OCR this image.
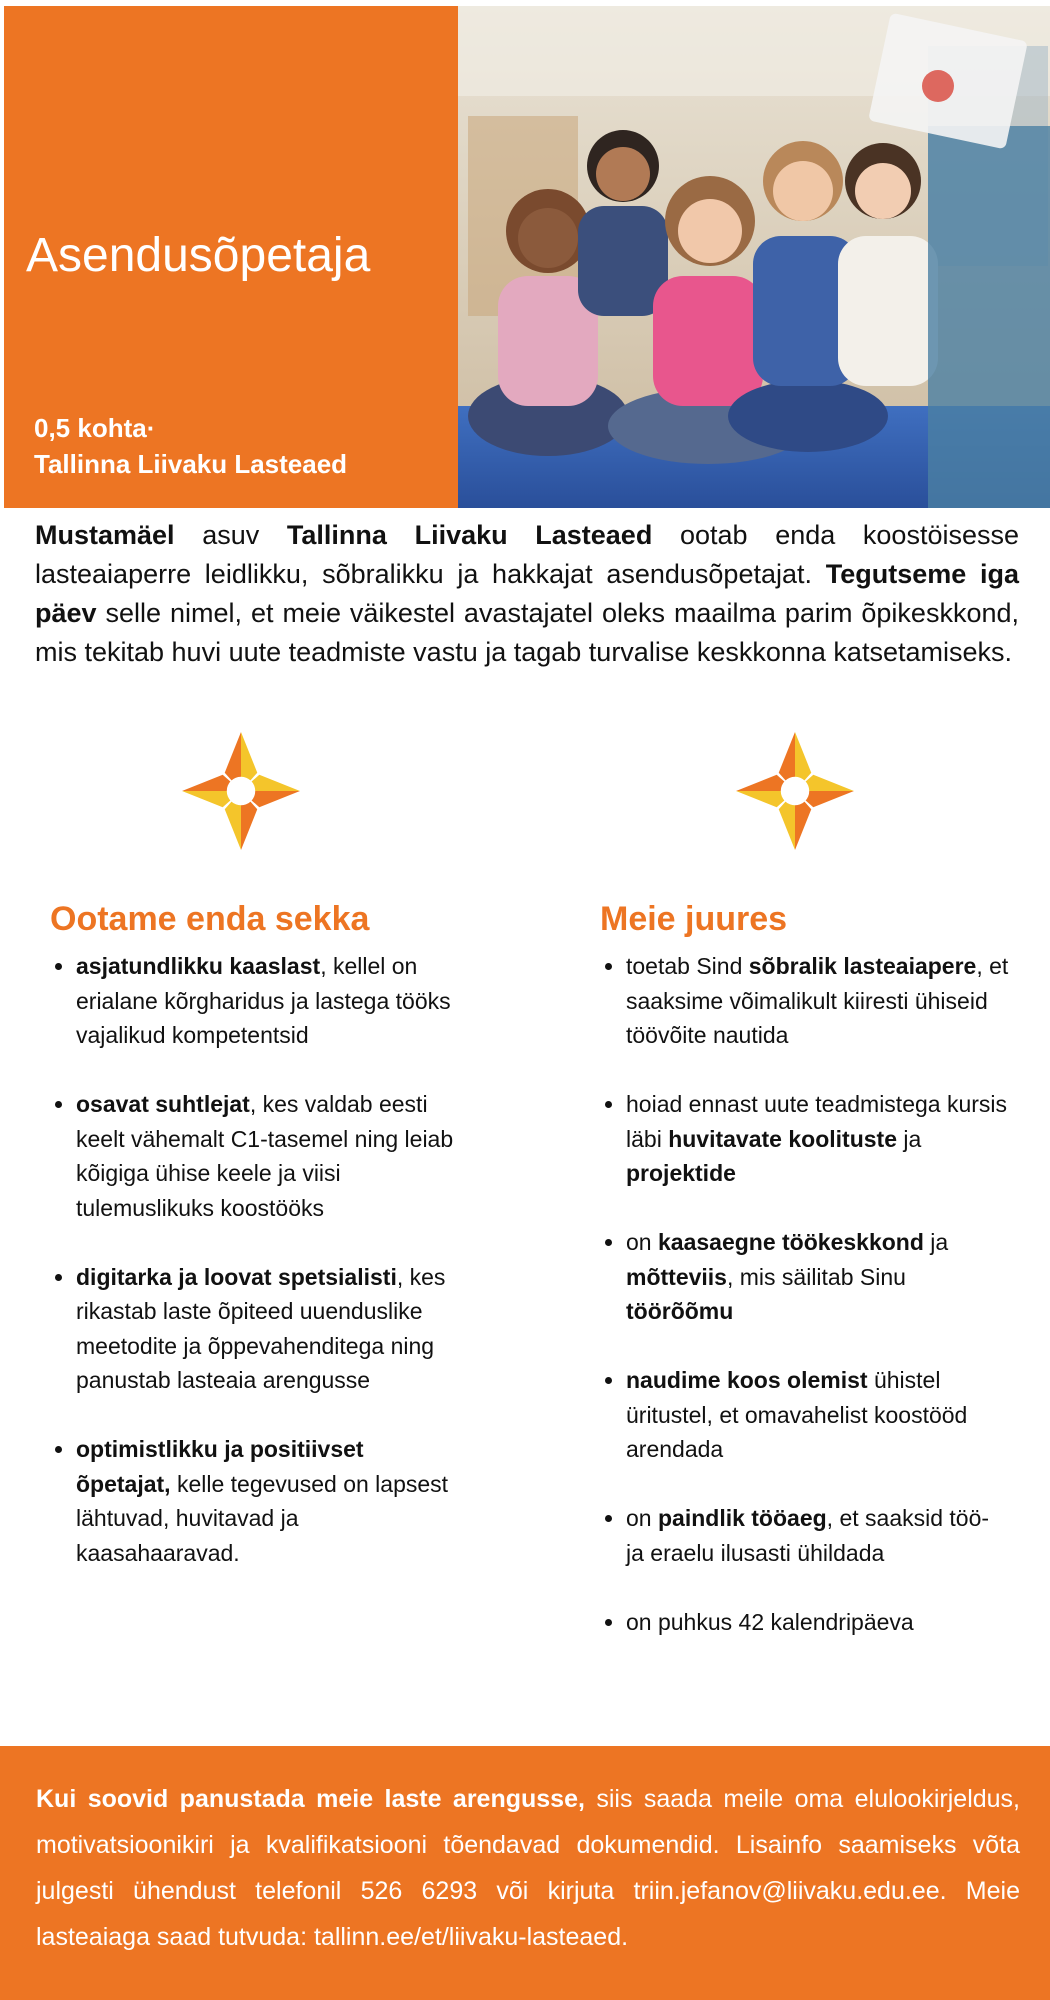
Asendusõpetaja
0,5 kohta·
Tallinna Liivaku Lasteaed

Mustamäel asuv Tallinna Liivaku Lasteaed ootab enda koostöisesse lasteaiaperre leidlikku, sõbralikku ja hakkajat asendusõpetajat. Tegutseme iga päev selle nimel, et meie väikestel avastajatel oleks maailma parim õpikeskkond, mis tekitab huvi uute teadmiste vastu ja tagab turvalise keskkonna katsetamiseks.

Ootame enda sekka
• asjatundlikku kaaslast, kellel on erialane kõrgharidus ja lastega tööks vajalikud kompetentsid
• osavat suhtlejat, kes valdab eesti keelt vähemalt C1-tasemel ning leiab kõigiga ühise keele ja viisi tulemuslikuks koostööks
• digitarka ja loovat spetsialisti, kes rikastab laste õpiteed uuenduslike meetodite ja õppevahenditega ning panustab lasteaia arengusse
• optimistlikku ja positiivset õpetajat, kelle tegevused on lapsest lähtuvad, huvitavad ja kaasahaaravad.
Meie juures
• toetab Sind sõbralik lasteaiapere, et saaksime võimalikult kiiresti ühiseid töövõite nautida
• hoiad ennast uute teadmistega kursis läbi huvitavate koolituste ja projektide
• on kaasaegne töökeskkond ja mõtteviis, mis säilitab Sinu töörõõmu
• naudime koos olemist ühistel üritustel, et omavahelist koostööd arendada
• on paindlik tööaeg, et saaksid töö- ja eraelu ilusasti ühildada
• on puhkus 42 kalendripäeva

Kui soovid panustada meie laste arengusse, siis saada meile oma elulookirjeldus, motivatsioonikiri ja kvalifikatsiooni tõendavad dokumendid. Lisainfo saamiseks võta julgesti ühendust telefonil 526 6293 või kirjuta triin.jefanov@liivaku.edu.ee. Meie lasteaiaga saad tutvuda: tallinn.ee/et/liivaku-lasteaed.
